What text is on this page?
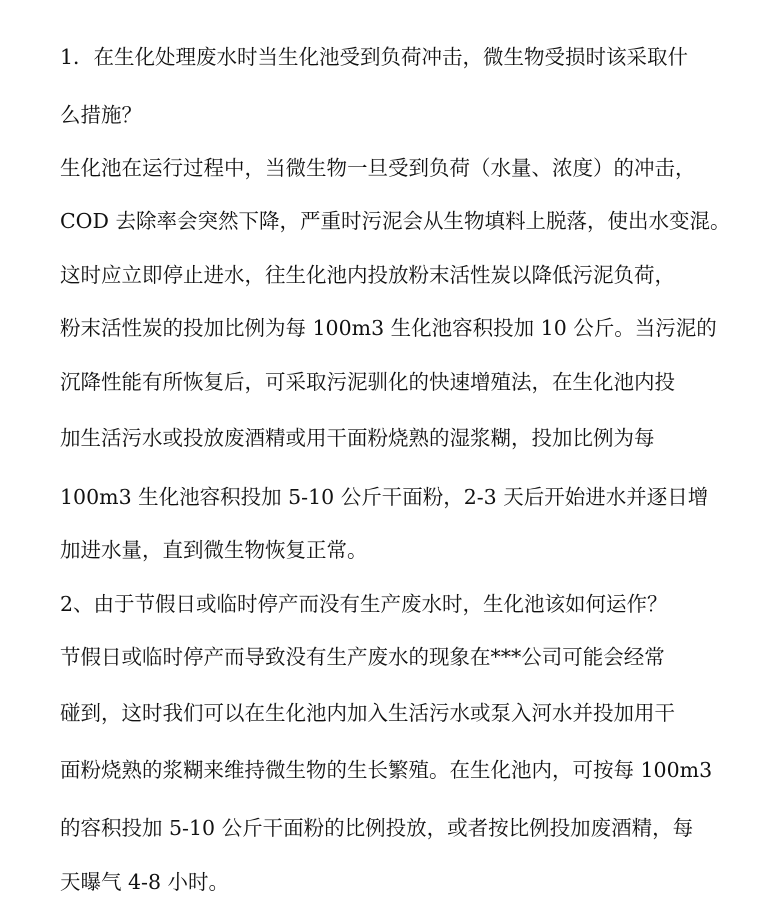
1．在生化处理废水时当生化池受到负荷冲击，微生物受损时该采取什
么措施？
生化池在运行过程中，当微生物一旦受到负荷（水量、浓度）的冲击，
COD 去除率会突然下降，严重时污泥会从生物填料上脱落，使出水变混。
这时应立即停止进水，往生化池内投放粉末活性炭以降低污泥负荷，
粉末活性炭的投加比例为每 100m3 生化池容积投加 10 公斤。当污泥的
沉降性能有所恢复后，可采取污泥驯化的快速增殖法，在生化池内投
加生活污水或投放废酒精或用干面粉烧熟的湿浆糊，投加比例为每
100m3 生化池容积投加 5-10 公斤干面粉，2-3 天后开始进水并逐日增
加进水量，直到微生物恢复正常。
2、由于节假日或临时停产而没有生产废水时，生化池该如何运作？
节假日或临时停产而导致没有生产废水的现象在***公司可能会经常
碰到，这时我们可以在生化池内加入生活污水或泵入河水并投加用干
面粉烧熟的浆糊来维持微生物的生长繁殖。在生化池内，可按每 100m3
的容积投加 5-10 公斤干面粉的比例投放，或者按比例投加废酒精，每
天曝气 4-8 小时。
